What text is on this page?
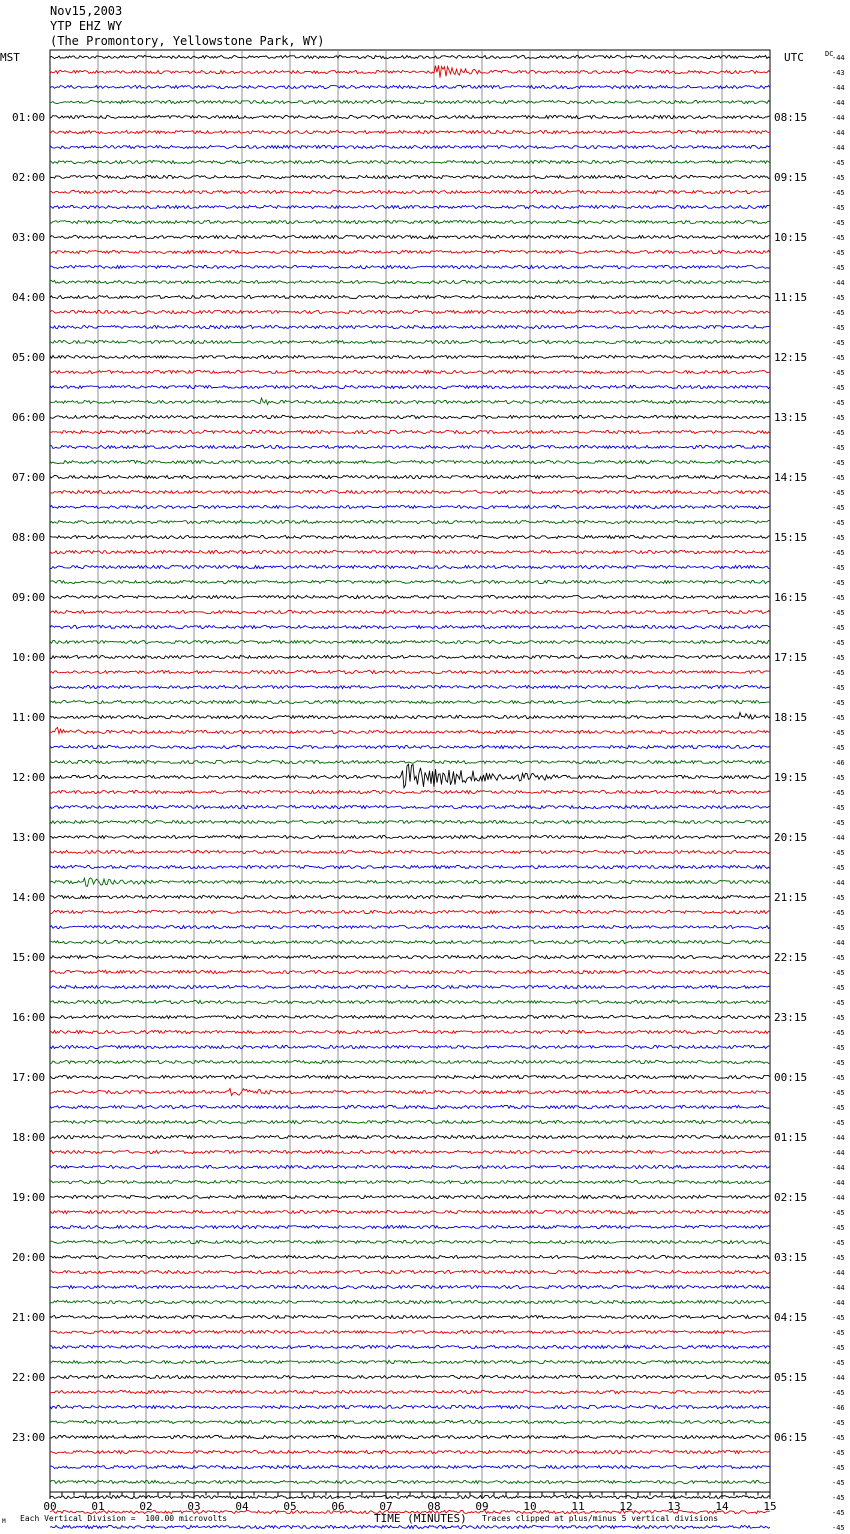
Nov15,2003
YTP EHZ WY
(The Promontory, Yellowstone Park, WY)
00	01	02	03	04	05	06	07	08	09	10	11	12	13	14	15
MST	UTC	DC
01:00
02:00
03:00
04:00
05:00
06:00
07:00
08:00
09:00
10:00
11:00
12:00
13:00
14:00
15:00
16:00
17:00
18:00
19:00
20:00
21:00
22:00
23:00
08:15
09:15
10:15
11:15
12:15
13:15
14:15
15:15
16:15
17:15
18:15
19:15
20:15
21:15
22:15
23:15
00:15
01:15
02:15
03:15
04:15
05:15
06:15
-44
-43
-44
-44
-44
-44
-44
-45
-45
-45
-45
-45
-45
-45
-45
-44
-45
-45
-45
-45
-45
-45
-45
-45
-45
-45
-45
-45
-45
-45
-45
-45
-45
-45
-45
-45
-45
-45
-45
-45
-45
-45
-45
-45
-45
-45
-45
-46
-45
-45
-45
-45
-44
-45
-45
-44
-45
-45
-45
-44
-45
-45
-45
-45
-45
-45
-45
-45
-45
-45
-45
-45
-44
-44
-44
-44
-44
-45
-45
-45
-45
-44
-44
-44
-45
-45
-45
-45
-44
-45
-46
-45
-45
-45
-45
-45
-45
-45
-45
TIME (MINUTES)
Each Vertical Division =  100.00 microvolts	Traces clipped at plus/minus 5 vertical divisions
M
